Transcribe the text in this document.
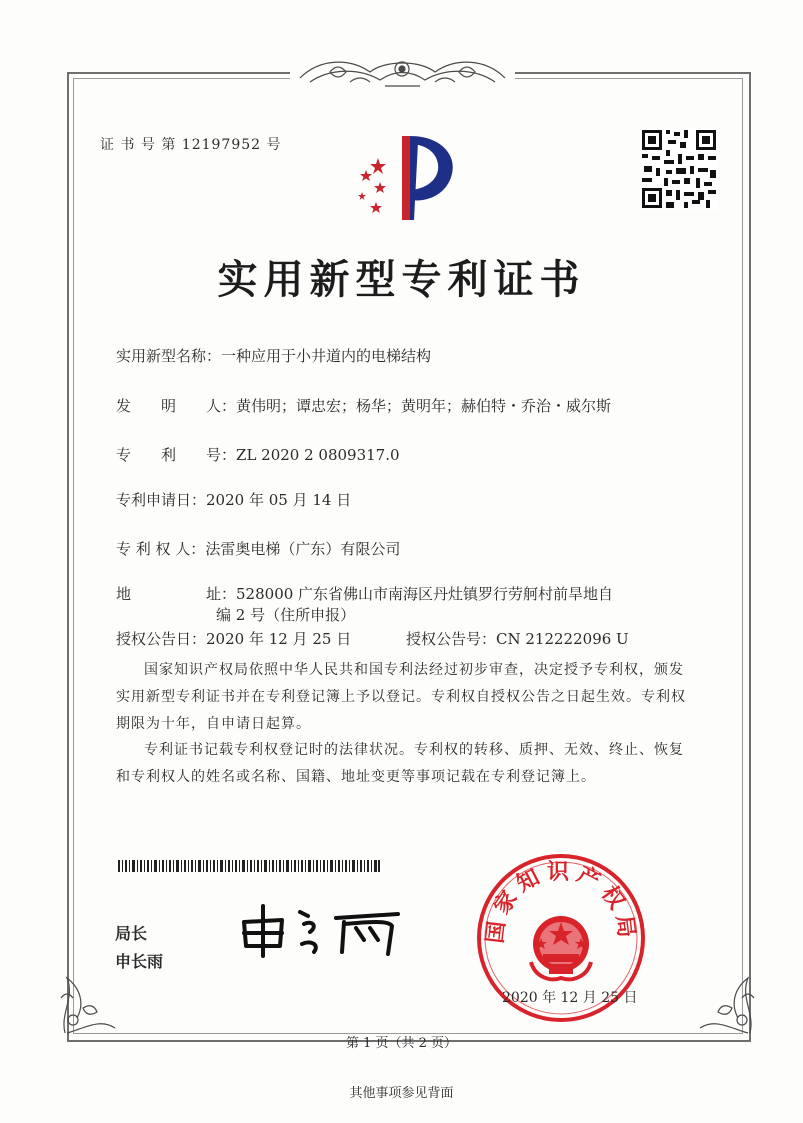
证 书 号 第 12197952 号
实用新型专利证书
实用新型名称：一种应用于小井道内的电梯结构
发　　明　　人：黄伟明；谭忠宏；杨华；黄明年；赫伯特・乔治・威尔斯
专　　利　　号：ZL 2020 2 0809317.0
专利申请日：2020 年 05 月 14 日
专 利 权 人：法雷奥电梯（广东）有限公司
地　　　　　址：528000 广东省佛山市南海区丹灶镇罗行劳舸村前旱地自
编 2 号（住所申报）
授权公告日：2020 年 12 月 25 日	授权公告号：CN 212222096 U
国家知识产权局依照中华人民共和国专利法经过初步审查，决定授予专利权，颁发实用新型专利证书并在专利登记簿上予以登记。专利权自授权公告之日起生效。专利权期限为十年，自申请日起算。
专利证书记载专利权登记时的法律状况。专利权的转移、质押、无效、终止、恢复和专利权人的姓名或名称、国籍、地址变更等事项记载在专利登记簿上。
局长
申长雨
国家知识产权局
2020 年 12 月 25 日
第 1 页（共 2 页）
其他事项参见背面
